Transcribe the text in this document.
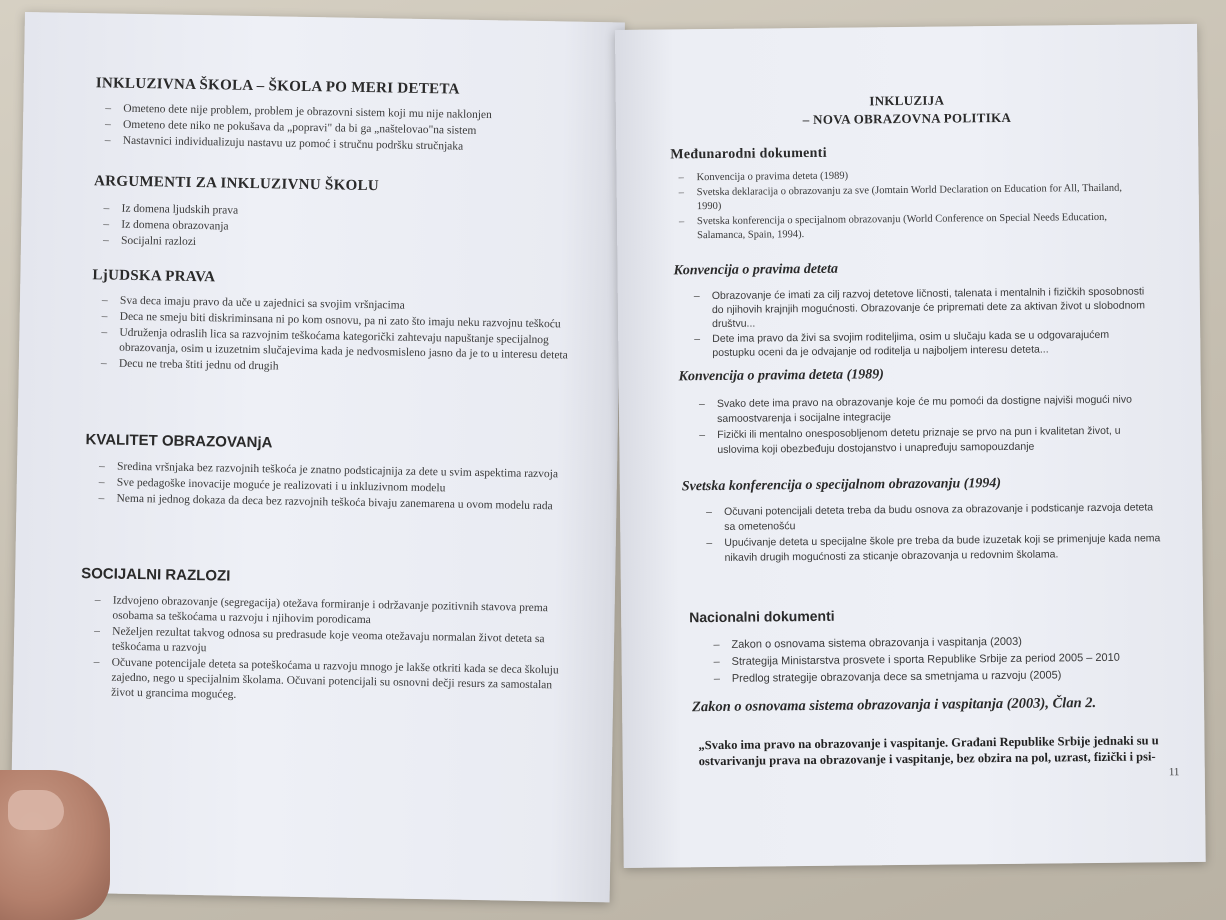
INKLUZIVNA ŠKOLA – ŠKOLA PO MERI DETETA
– Ometeno dete nije problem, problem je obrazovni sistem koji mu nije naklonjen
– Ometeno dete niko ne pokušava da „popravi" da bi ga „naštelovao"na sistem
– Nastavnici individualizuju nastavu uz pomoć i stručnu podršku stručnjaka
ARGUMENTI ZA INKLUZIVNU ŠKOLU
– Iz domena ljudskih prava
– Iz domena obrazovanja
– Socijalni razlozi
LjUDSKA PRAVA
– Sva deca imaju pravo da uče u zajednici sa svojim vršnjacima
– Deca ne smeju biti diskriminsana ni po kom osnovu, pa ni zato što imaju neku razvojnu teškoću
– Udruženja odraslih lica sa razvojnim teškoćama kategorički zahtevaju napuštanje specijalnog obrazovanja, osim u izuzetnim slučajevima kada je nedvosmisleno jasno da je to u interesu deteta
– Decu ne treba štiti jednu od drugih
KVALITET OBRAZOVANjA
– Sredina vršnjaka bez razvojnih teškoća je znatno podsticajnija za dete u svim aspektima razvoja
– Sve pedagoške inovacije moguće je realizovati i u inkluzivnom modelu
– Nema ni jednog dokaza da deca bez razvojnih teškoća bivaju zanemarena u ovom modelu rada
SOCIJALNI RAZLOZI
– Izdvojeno obrazovanje (segregacija) otežava formiranje i održavanje pozitivnih stavova prema osobama sa teškoćama u razvoju i njihovim porodicama
– Neželjen rezultat takvog odnosa su predrasude koje veoma otežavaju normalan život deteta sa teškoćama u razvoju
– Očuvane potencijale deteta sa poteškoćama u razvoju mnogo je lakše otkriti kada se deca školuju zajedno, nego u specijalnim školama. Očuvani potencijali su osnovni dečji resurs za samostalan život u grancima mogućeg.
INKLUZIJA
– NOVA OBRAZOVNA POLITIKA
Međunarodni dokumenti
– Konvencija o pravima deteta (1989)
– Svetska deklaracija o obrazovanju za sve (Jomtain World Declaration on Education for All, Thailand, 1990)
– Svetska konferencija o specijalnom obrazovanju (World Conference on Special Needs Education, Salamanca, Spain, 1994).
Konvencija o pravima deteta
– Obrazovanje će imati za cilj razvoj detetove ličnosti, talenata i mentalnih i fizičkih sposobnosti do njihovih krajnjih mogućnosti. Obrazovanje će pripremati dete za aktivan život u slobodnom društvu...
– Dete ima pravo da živi sa svojim roditeljima, osim u slučaju kada se u odgovarajućem postupku oceni da je odvajanje od roditelja u najboljem interesu deteta...
Konvencija o pravima deteta (1989)
– Svako dete ima pravo na obrazovanje koje će mu pomoći da dostigne najviši mogući nivo samoostvarenja i socijalne integracije
– Fizički ili mentalno onesposobljenom detetu priznaje se prvo na pun i kvalitetan život, u uslovima koji obezbeđuju dostojanstvo i unapređuju samopouzdanje
Svetska konferencija o specijalnom obrazovanju (1994)
– Očuvani potencijali deteta treba da budu osnova za obrazovanje i podsticanje razvoja deteta sa ometenošću
– Upućivanje deteta u specijalne škole pre treba da bude izuzetak koji se primenjuje kada nema nikavih drugih mogućnosti za sticanje obrazovanja u redovnim školama.
Nacionalni dokumenti
– Zakon o osnovama sistema obrazovanja i vaspitanja (2003)
– Strategija Ministarstva prosvete i sporta Republike Srbije za period 2005 – 2010
– Predlog strategije obrazovanja dece sa smetnjama u razvoju (2005)
Zakon o osnovama sistema obrazovanja i vaspitanja (2003), Član 2.
„Svako ima pravo na obrazovanje i vaspitanje. Građani Republike Srbije jednaki su u ostvarivanju prava na obrazovanje i vaspitanje, bez obzira na pol, uzrast, fizički i psi-
11
